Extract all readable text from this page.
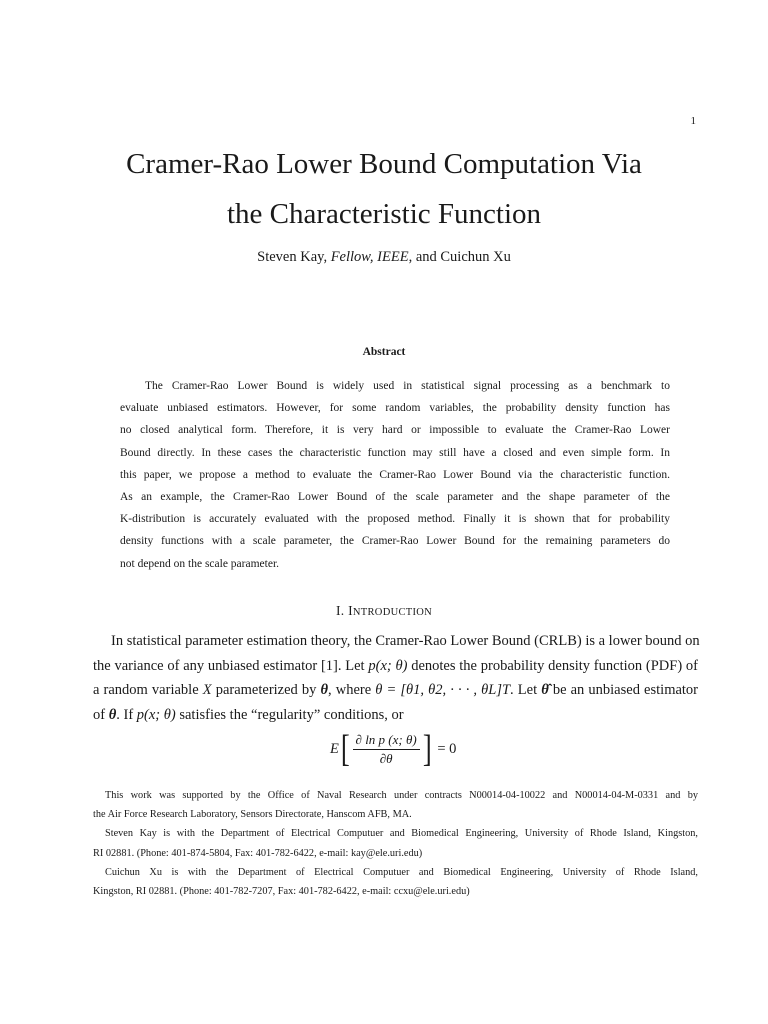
1
Cramer-Rao Lower Bound Computation Via
the Characteristic Function
Steven Kay, Fellow, IEEE, and Cuichun Xu
Abstract
The Cramer-Rao Lower Bound is widely used in statistical signal processing as a benchmark to
evaluate unbiased estimators. However, for some random variables, the probability density function has
no closed analytical form. Therefore, it is very hard or impossible to evaluate the Cramer-Rao Lower
Bound directly. In these cases the characteristic function may still have a closed and even simple form. In
this paper, we propose a method to evaluate the Cramer-Rao Lower Bound via the characteristic function.
As an example, the Cramer-Rao Lower Bound of the scale parameter and the shape parameter of the
K-distribution is accurately evaluated with the proposed method. Finally it is shown that for probability
density functions with a scale parameter, the Cramer-Rao Lower Bound for the remaining parameters do
not depend on the scale parameter.
I. INTRODUCTION
In statistical parameter estimation theory, the Cramer-Rao Lower Bound (CRLB) is a lower bound on
the variance of any unbiased estimator [1]. Let p(x; θ) denotes the probability density function (PDF) of
a random variable X parameterized by θ, where θ = [θ1, θ2, · · · , θL]T. Let θ̂ be an unbiased estimator
of θ. If p(x; θ) satisfies the “regularity” conditions, or
E [ $\frac{\text{∂ ln p (x; θ)}}{\partial\theta}$ ] = 0
This work was supported by the Office of Naval Research under contracts N00014-04-10022 and N00014-04-M-0331 and by
the Air Force Research Laboratory, Sensors Directorate, Hanscom AFB, MA.
Steven Kay is with the Department of Electrical Computuer and Biomedical Engineering, University of Rhode Island, Kingston,
RI 02881. (Phone: 401-874-5804, Fax: 401-782-6422, e-mail: kay@ele.uri.edu)
Cuichun Xu is with the Department of Electrical Computuer and Biomedical Engineering, University of Rhode Island,
Kingston, RI 02881. (Phone: 401-782-7207, Fax: 401-782-6422, e-mail: ccxu@ele.uri.edu)
